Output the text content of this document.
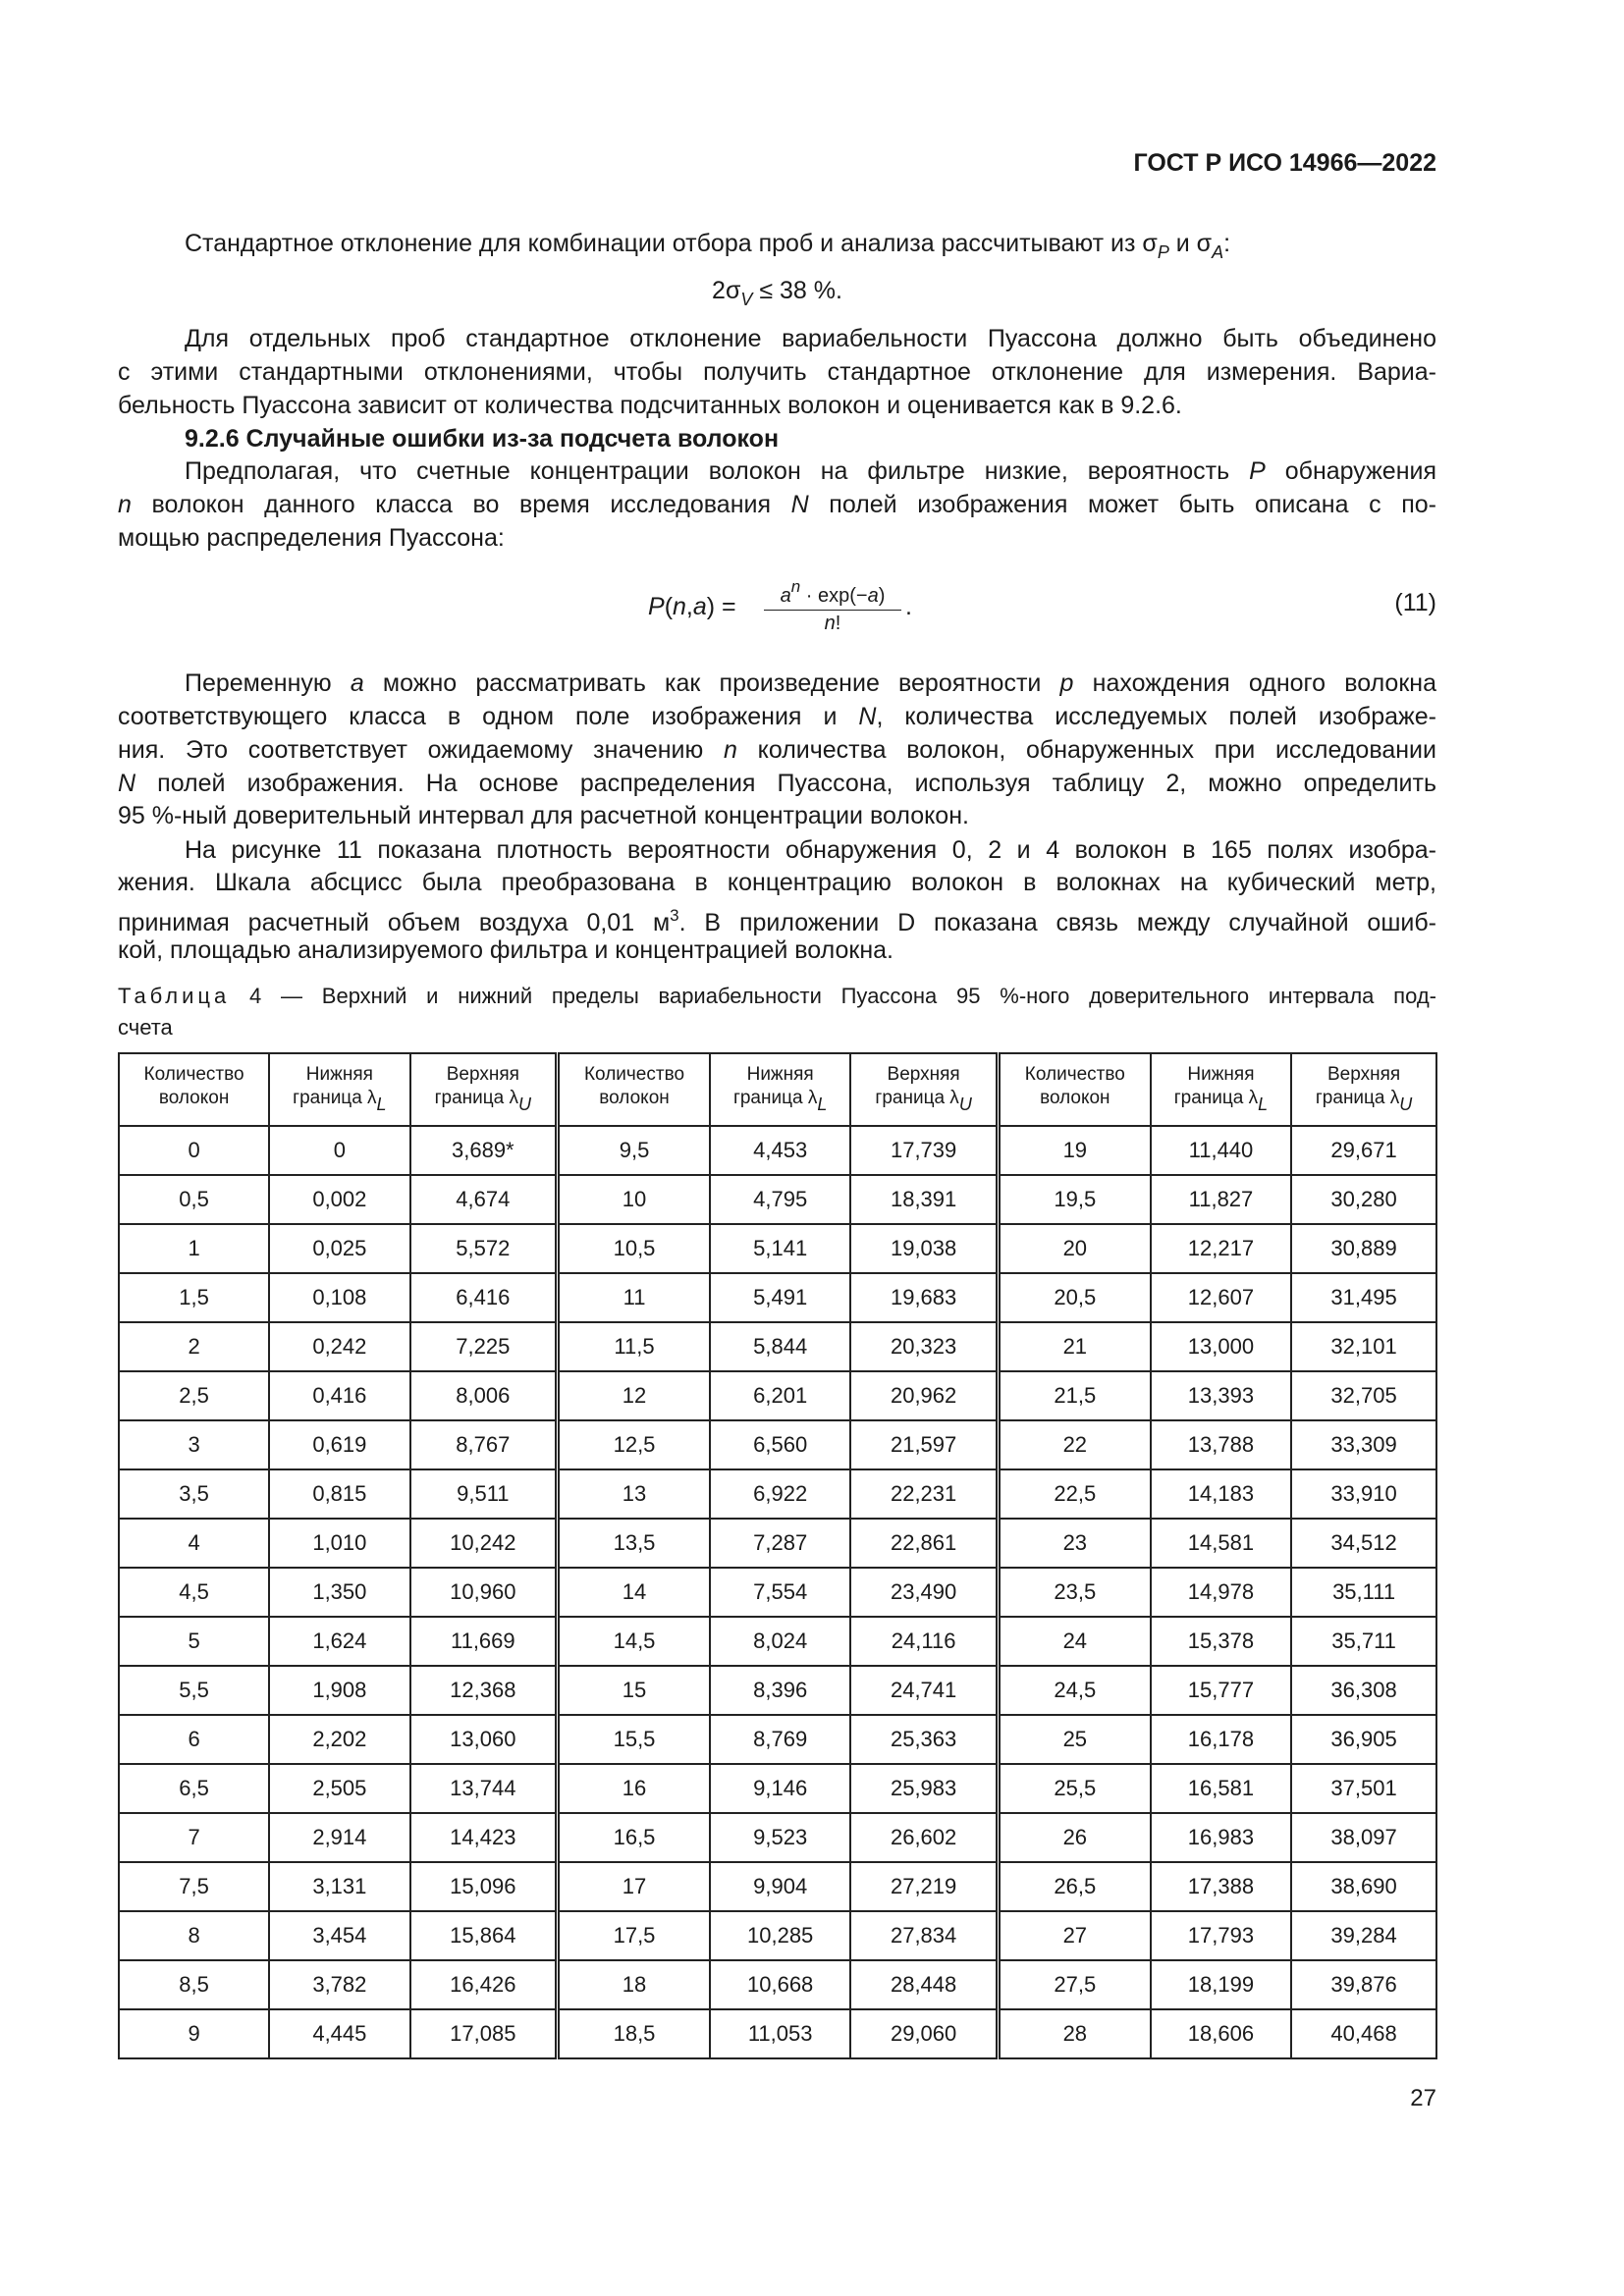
ГОСТ Р ИСО 14966—2022
Стандартное отклонение для комбинации отбора проб и анализа рассчитывают из $\sigma_P$ и $\sigma_A$:
$2\sigma_V \le 38$ %.
Для отдельных проб стандартное отклонение вариабельности Пуассона должно быть объединено
с этими стандартными отклонениями, чтобы получить стандартное отклонение для измерения. Вариа-
бельность Пуассона зависит от количества подсчитанных волокон и оценивается как в 9.2.6.
9.2.6 Случайные ошибки из-за подсчета волокон
Предполагая, что счетные концентрации волокон на фильтре низкие, вероятность P обнаружения
n волокон данного класса во время исследования N полей изображения может быть описана с по-
мощью распределения Пуассона:
Переменную a можно рассматривать как произведение вероятности p нахождения одного волокна
соответствующего класса в одном поле изображения и N, количества исследуемых полей изображе-
ния. Это соответствует ожидаемому значению n количества волокон, обнаруженных при исследовании
N полей изображения. На основе распределения Пуассона, используя таблицу 2, можно определить
95 %-ный доверительный интервал для расчетной концентрации волокон.
На рисунке 11 показана плотность вероятности обнаружения 0, 2 и 4 волокон в 165 полях изобра-
жения. Шкала абсцисс была преобразована в концентрацию волокон в волокнах на кубический метр,
принимая расчетный объем воздуха 0,01 $м^3$. В приложении D показана связь между случайной ошиб-
кой, площадью анализируемого фильтра и концентрацией волокна.
Таблица 4 — Верхний и нижний пределы вариабельности Пуассона 95 %-ного доверительного интервала под-
счета
$P(n,a) = \frac{a^n \cdot \exp(-a)}{n!}$ .	(11)
Количество
волокон	Нижняя
граница λL	Верхняя
граница λU	Количество
волокон	Нижняя
граница λL	Верхняя
граница λU	Количество
волокон	Нижняя
граница λL	Верхняя
граница λU
0	0	3,689*	9,5	4,453	17,739	19	11,440	29,671
0,5	0,002	4,674	10	4,795	18,391	19,5	11,827	30,280
1	0,025	5,572	10,5	5,141	19,038	20	12,217	30,889
1,5	0,108	6,416	11	5,491	19,683	20,5	12,607	31,495
2	0,242	7,225	11,5	5,844	20,323	21	13,000	32,101
2,5	0,416	8,006	12	6,201	20,962	21,5	13,393	32,705
3	0,619	8,767	12,5	6,560	21,597	22	13,788	33,309
3,5	0,815	9,511	13	6,922	22,231	22,5	14,183	33,910
4	1,010	10,242	13,5	7,287	22,861	23	14,581	34,512
4,5	1,350	10,960	14	7,554	23,490	23,5	14,978	35,111
5	1,624	11,669	14,5	8,024	24,116	24	15,378	35,711
5,5	1,908	12,368	15	8,396	24,741	24,5	15,777	36,308
6	2,202	13,060	15,5	8,769	25,363	25	16,178	36,905
6,5	2,505	13,744	16	9,146	25,983	25,5	16,581	37,501
7	2,914	14,423	16,5	9,523	26,602	26	16,983	38,097
7,5	3,131	15,096	17	9,904	27,219	26,5	17,388	38,690
8	3,454	15,864	17,5	10,285	27,834	27	17,793	39,284
8,5	3,782	16,426	18	10,668	28,448	27,5	18,199	39,876
9	4,445	17,085	18,5	11,053	29,060	28	18,606	40,468
27
